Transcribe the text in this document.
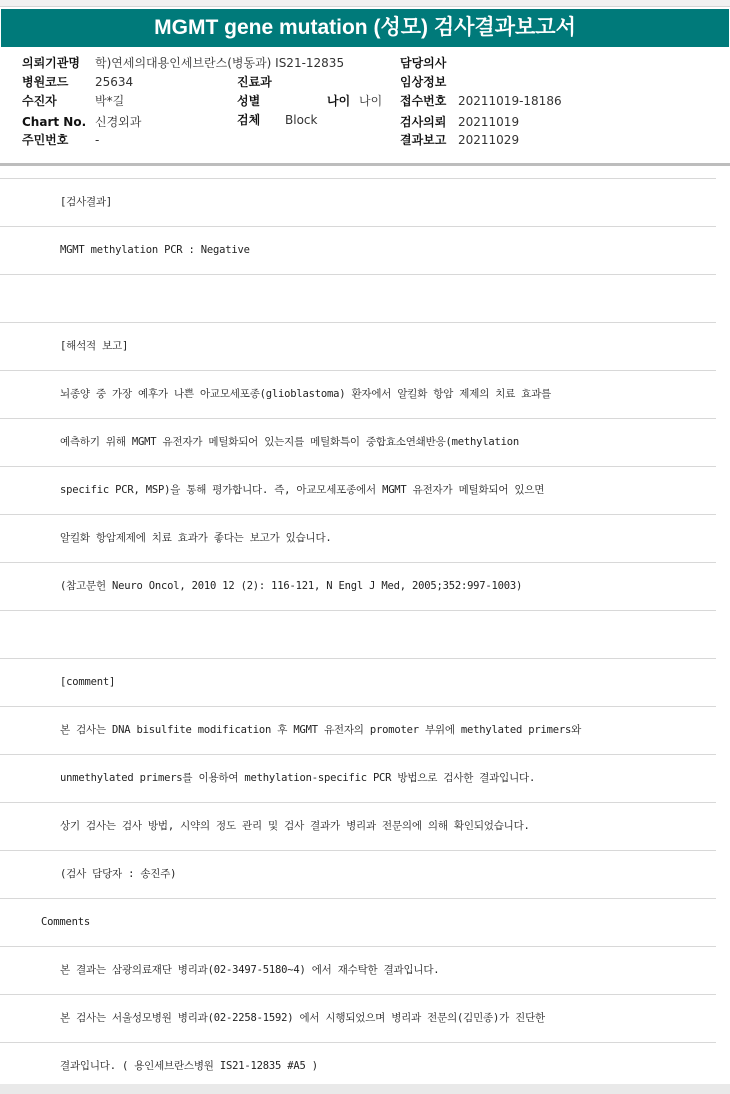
MGMT gene mutation (성모) 검사결과보고서
의뢰기관명 학)연세의대용인세브란스(병동과) IS21-12835
병원코드 25634
수진자	박*길
Chart No. 신경외과
주민번호 -
진료과
성별	나이 나이
검체 Block
담당의사
임상정보
접수번호 20211019-18186
검사의뢰 20211019
결과보고 20211029
[검사결과]
MGMT methylation PCR : Negative
[해석적 보고]
뇌종양 중 가장 예후가 나쁜 아교모세포종(glioblastoma) 환자에서 알킬화 항암 제제의 치료 효과를
예측하기 위해 MGMT 유전자가 메틸화되어 있는지를 메틸화특이 중합효소연쇄반응(methylation
specific PCR, MSP)을 통해 평가합니다. 즉, 아교모세포종에서 MGMT 유전자가 메틸화되어 있으면
알킬화 항암제제에 치료 효과가 좋다는 보고가 있습니다.
(참고문헌 Neuro Oncol, 2010 12 (2): 116-121, N Engl J Med, 2005;352:997-1003)
[comment]
본 검사는 DNA bisulfite modification 후 MGMT 유전자의 promoter 부위에 methylated primers와
unmethylated primers를 이용하여 methylation-specific PCR 방법으로 검사한 결과입니다.
상기 검사는 검사 방법, 시약의 정도 관리 및 검사 결과가 병리과 전문의에 의해 확인되었습니다.
(검사 담당자 : 송진주)
Comments
본 결과는 삼광의료재단 병리과(02-3497-5180~4) 에서 재수탁한 결과입니다.
본 검사는 서울성모병원 병리과(02-2258-1592) 에서 시행되었으며 병리과 전문의(김민종)가 진단한
결과입니다. ( 용인세브란스병원 IS21-12835 #A5 )
